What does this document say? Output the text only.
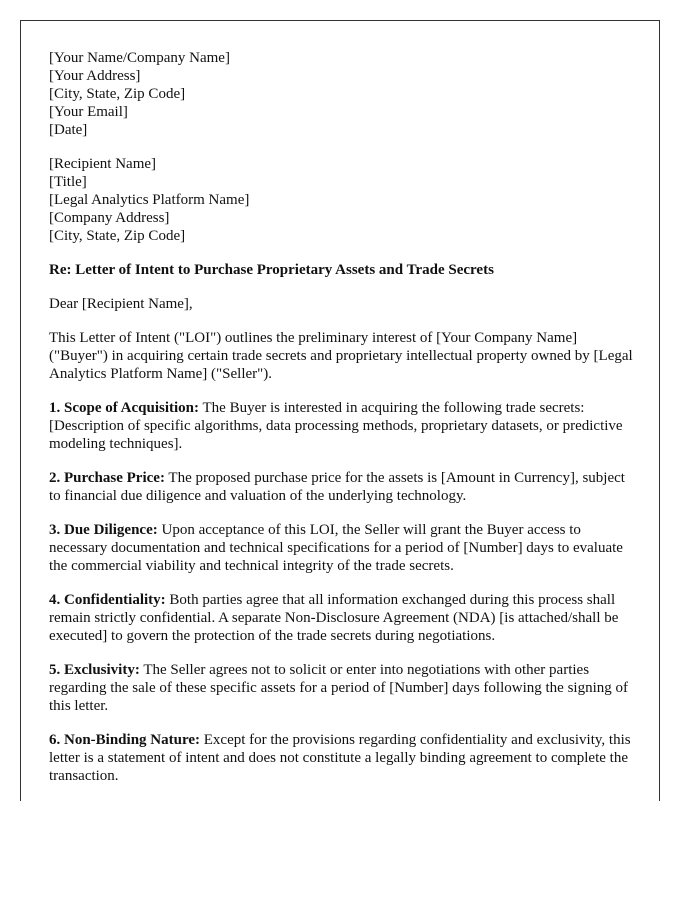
[Your Name/Company Name]
[Your Address]
[City, State, Zip Code]
[Your Email]
[Date]
[Recipient Name]
[Title]
[Legal Analytics Platform Name]
[Company Address]
[City, State, Zip Code]
Re: Letter of Intent to Purchase Proprietary Assets and Trade Secrets
Dear [Recipient Name],
This Letter of Intent ("LOI") outlines the preliminary interest of [Your Company Name] ("Buyer") in acquiring certain trade secrets and proprietary intellectual property owned by [Legal Analytics Platform Name] ("Seller").
1. Scope of Acquisition: The Buyer is interested in acquiring the following trade secrets: [Description of specific algorithms, data processing methods, proprietary datasets, or predictive modeling techniques].
2. Purchase Price: The proposed purchase price for the assets is [Amount in Currency], subject to financial due diligence and valuation of the underlying technology.
3. Due Diligence: Upon acceptance of this LOI, the Seller will grant the Buyer access to necessary documentation and technical specifications for a period of [Number] days to evaluate the commercial viability and technical integrity of the trade secrets.
4. Confidentiality: Both parties agree that all information exchanged during this process shall remain strictly confidential. A separate Non-Disclosure Agreement (NDA) [is attached/shall be executed] to govern the protection of the trade secrets during negotiations.
5. Exclusivity: The Seller agrees not to solicit or enter into negotiations with other parties regarding the sale of these specific assets for a period of [Number] days following the signing of this letter.
6. Non-Binding Nature: Except for the provisions regarding confidentiality and exclusivity, this letter is a statement of intent and does not constitute a legally binding agreement to complete the transaction.
